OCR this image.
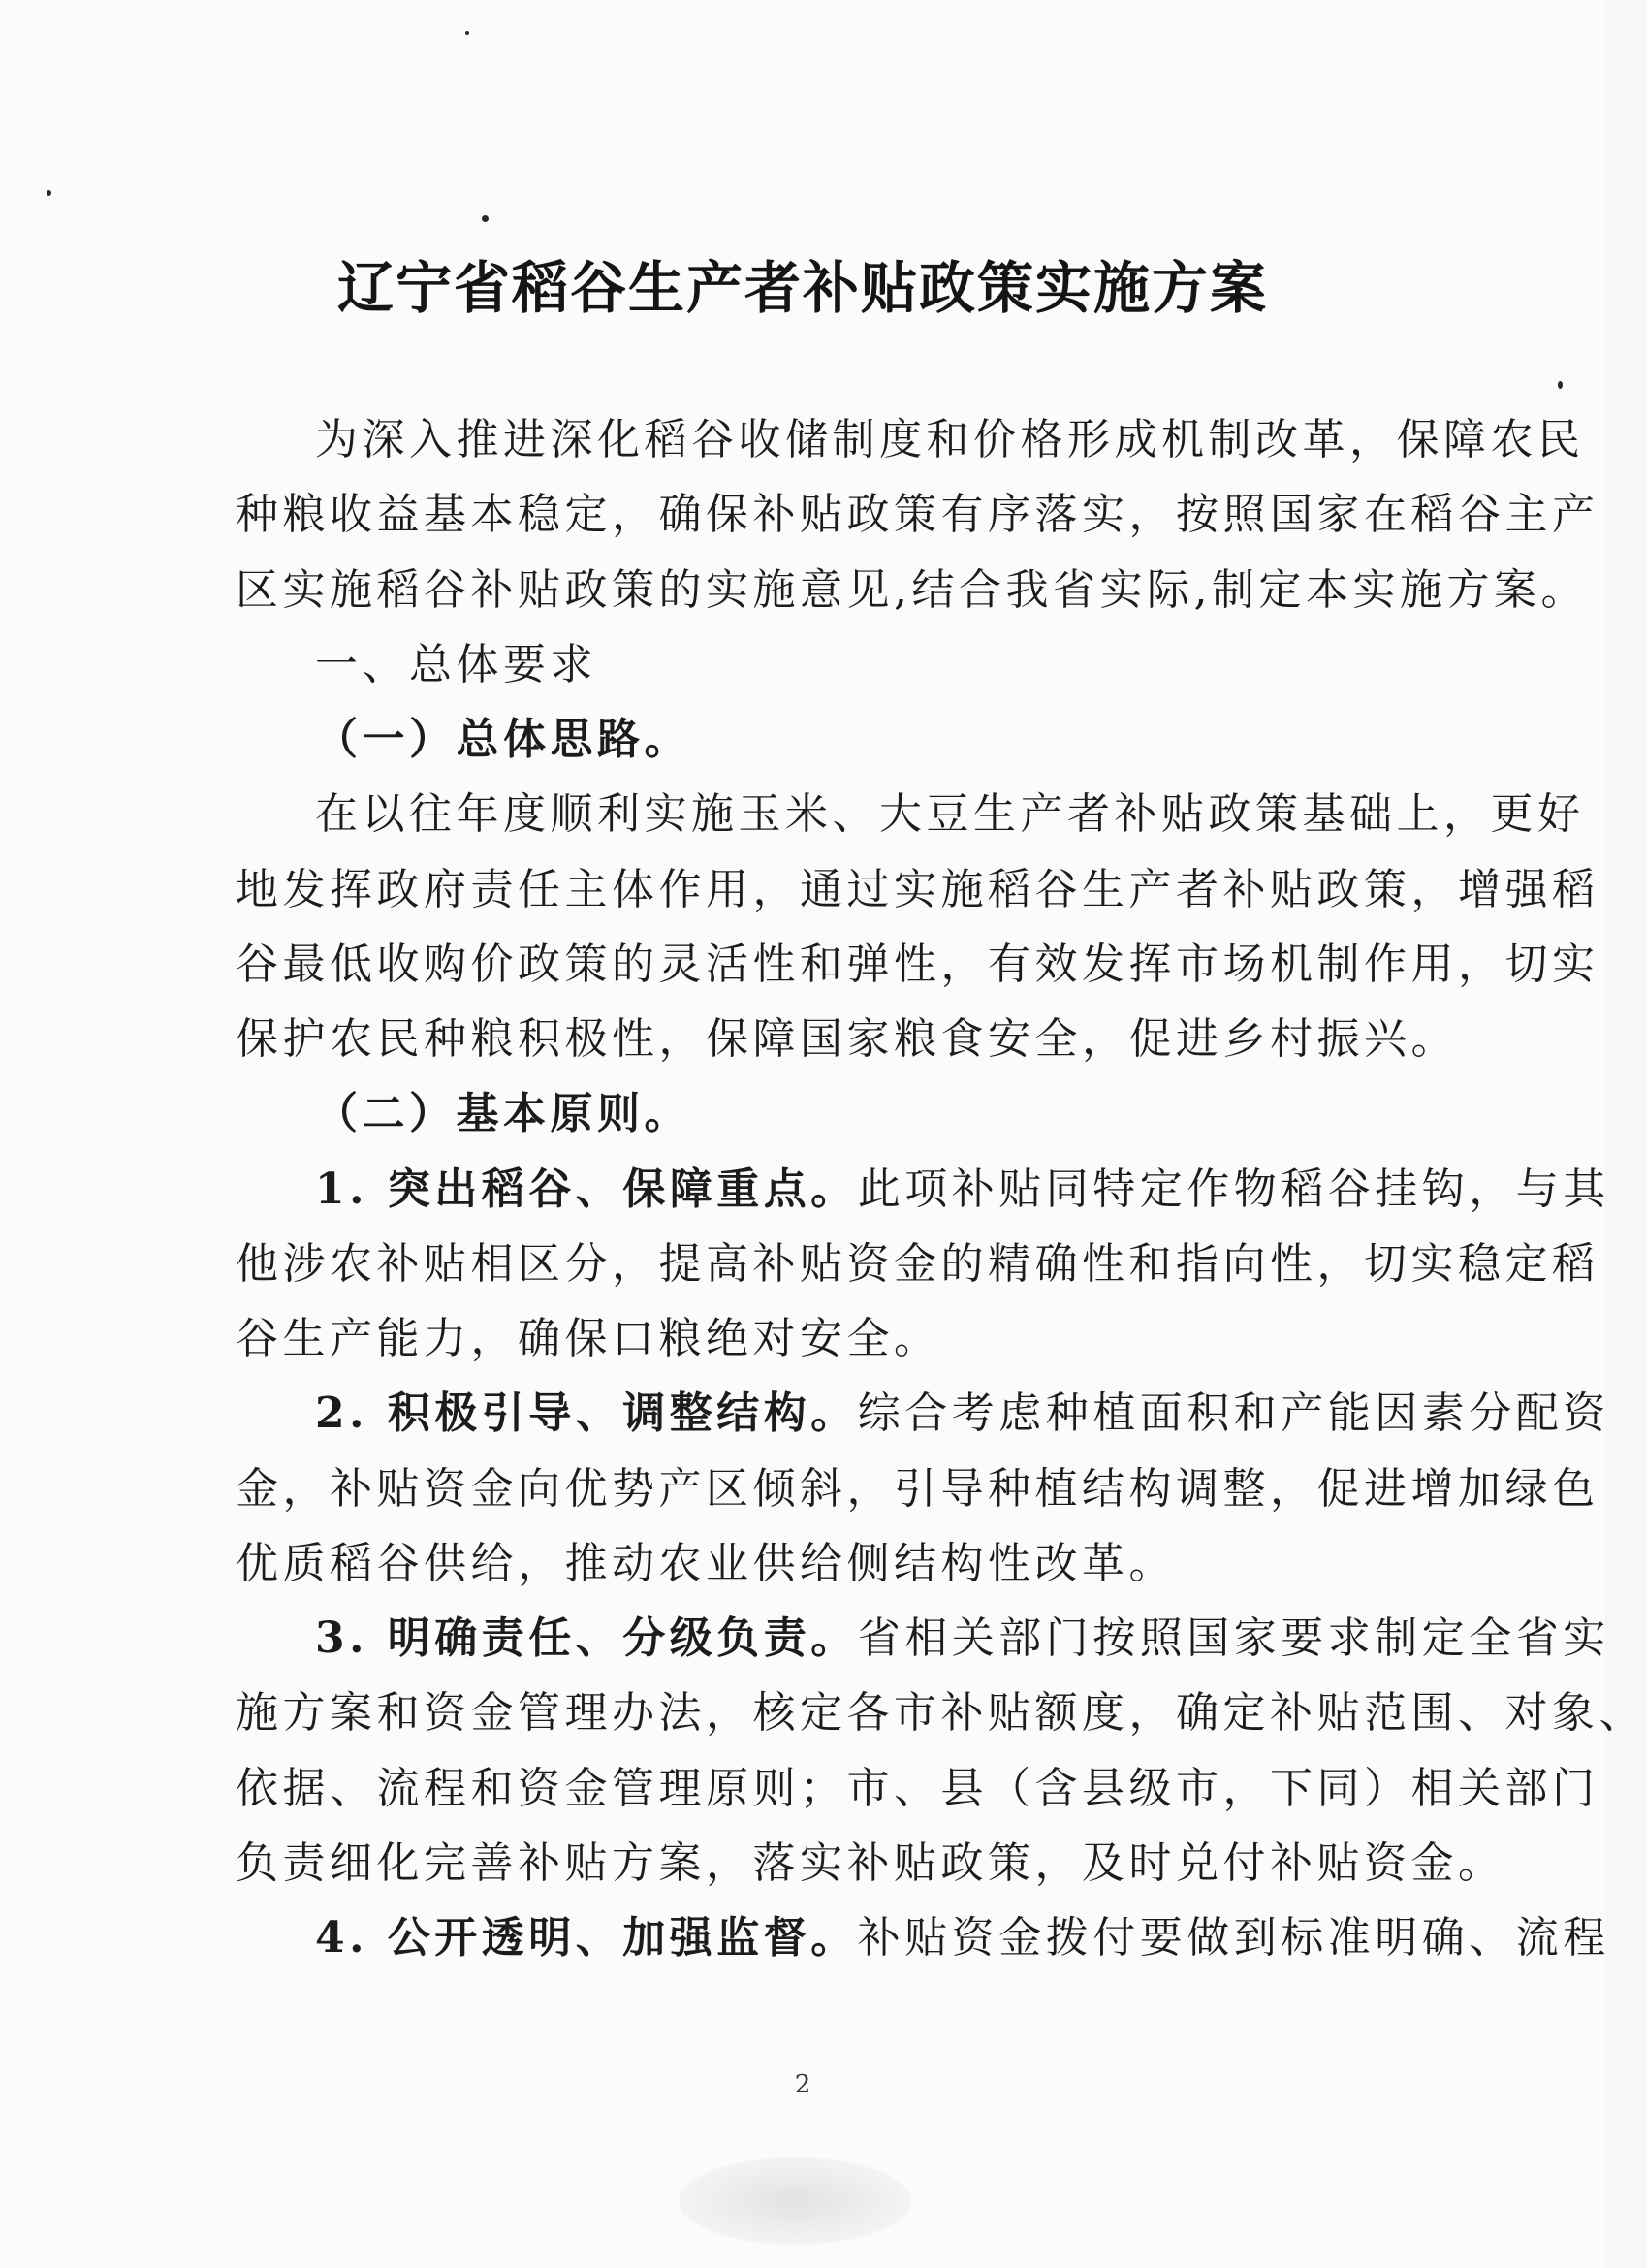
辽宁省稻谷生产者补贴政策实施方案
为深入推进深化稻谷收储制度和价格形成机制改革，保障农民
种粮收益基本稳定，确保补贴政策有序落实，按照国家在稻谷主产
区实施稻谷补贴政策的实施意见,结合我省实际,制定本实施方案。
一、总体要求
（一）总体思路。
在以往年度顺利实施玉米、大豆生产者补贴政策基础上，更好
地发挥政府责任主体作用，通过实施稻谷生产者补贴政策，增强稻
谷最低收购价政策的灵活性和弹性，有效发挥市场机制作用，切实
保护农民种粮积极性，保障国家粮食安全，促进乡村振兴。
（二）基本原则。
1. 突出稻谷、保障重点。此项补贴同特定作物稻谷挂钩，与其
他涉农补贴相区分，提高补贴资金的精确性和指向性，切实稳定稻
谷生产能力，确保口粮绝对安全。
2. 积极引导、调整结构。综合考虑种植面积和产能因素分配资
金，补贴资金向优势产区倾斜，引导种植结构调整，促进增加绿色
优质稻谷供给，推动农业供给侧结构性改革。
3. 明确责任、分级负责。省相关部门按照国家要求制定全省实
施方案和资金管理办法，核定各市补贴额度，确定补贴范围、对象、
依据、流程和资金管理原则；市、县（含县级市，下同）相关部门
负责细化完善补贴方案，落实补贴政策，及时兑付补贴资金。
4. 公开透明、加强监督。补贴资金拨付要做到标准明确、流程
2
